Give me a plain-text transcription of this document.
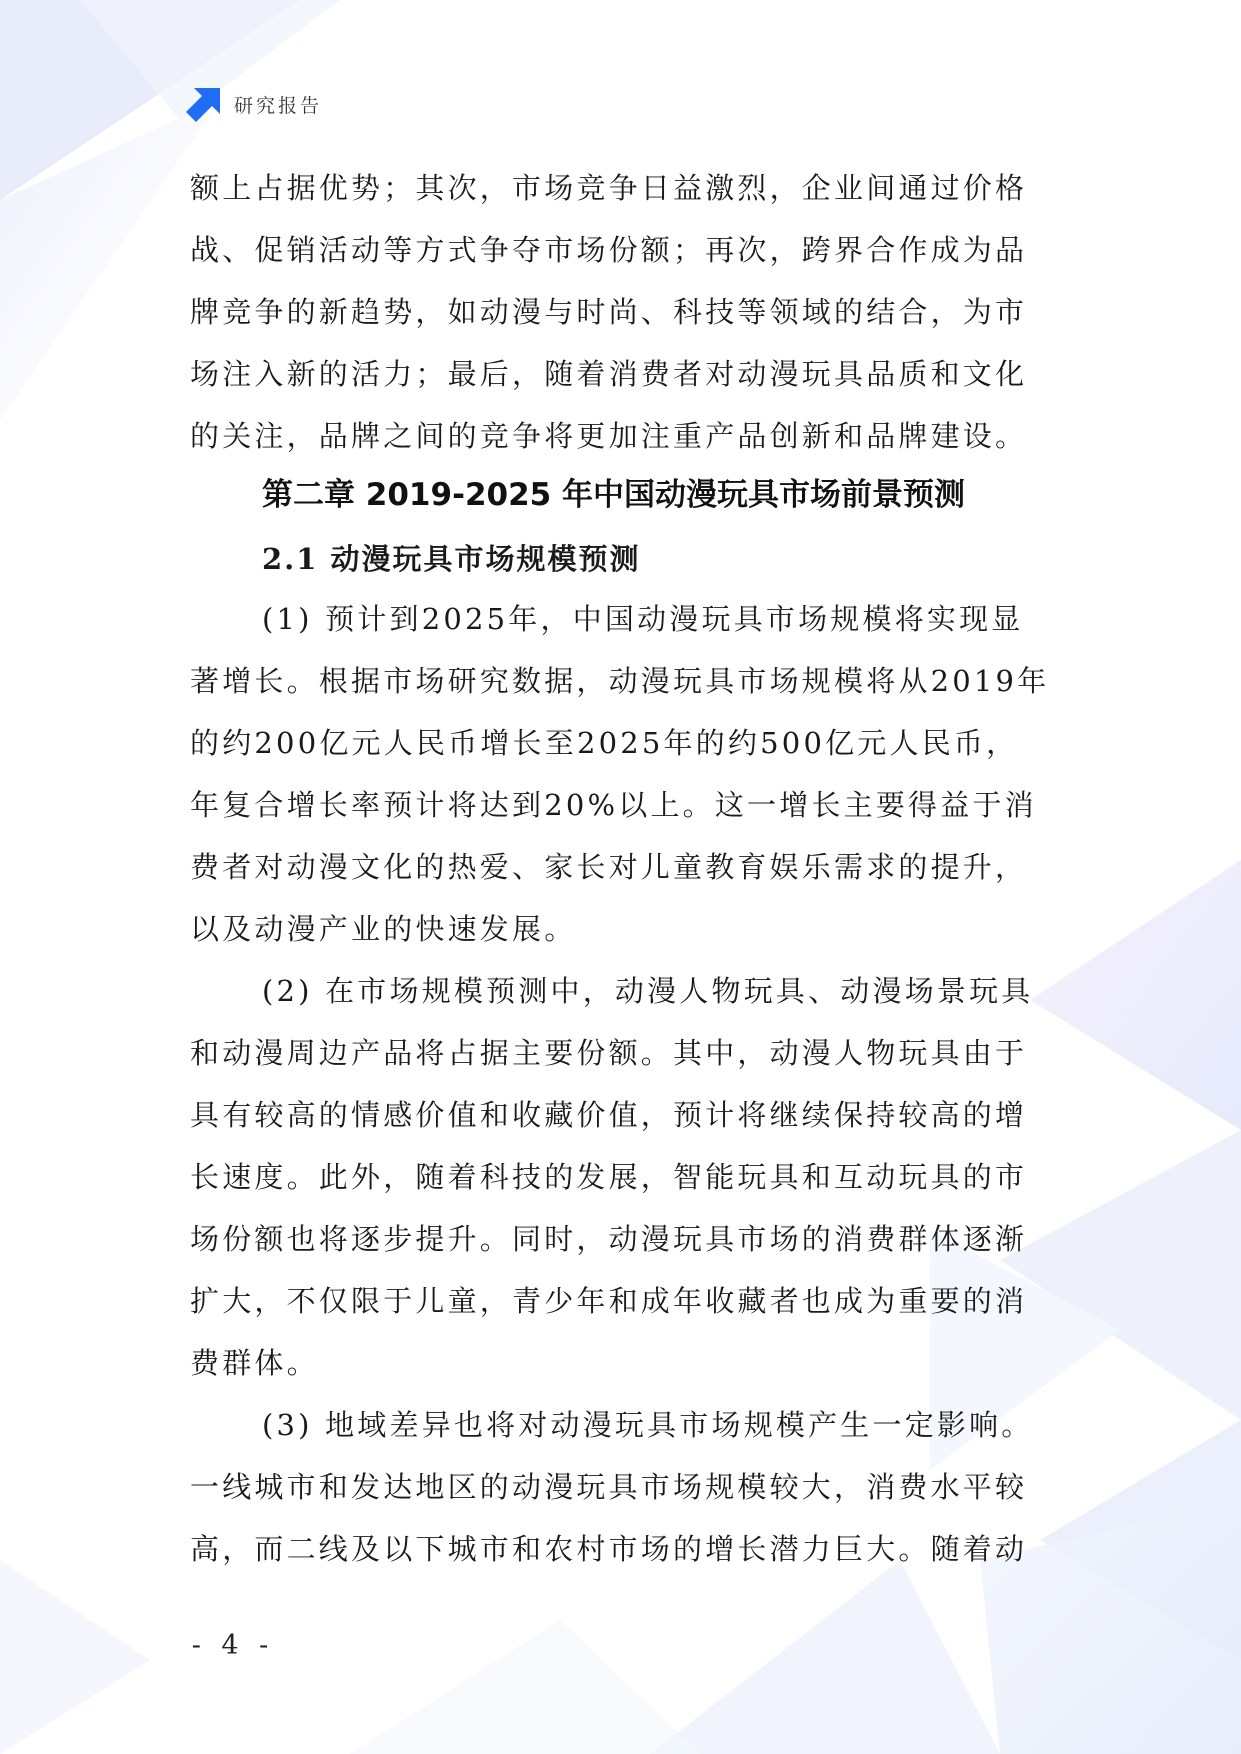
研究报告

额上占据优势；其次，市场竞争日益激烈，企业间通过价格战、促销活动等方式争夺市场份额；再次，跨界合作成为品牌竞争的新趋势，如动漫与时尚、科技等领域的结合，为市场注入新的活力；最后，随着消费者对动漫玩具品质和文化的关注，品牌之间的竞争将更加注重产品创新和品牌建设。

第二章 2019-2025 年中国动漫玩具市场前景预测
2.1 动漫玩具市场规模预测

(1) 预计到2025年，中国动漫玩具市场规模将实现显著增长。根据市场研究数据，动漫玩具市场规模将从2019年的约200亿元人民币增长至2025年的约500亿元人民币，年复合增长率预计将达到20%以上。这一增长主要得益于消费者对动漫文化的热爱、家长对儿童教育娱乐需求的提升，以及动漫产业的快速发展。

(2) 在市场规模预测中，动漫人物玩具、动漫场景玩具和动漫周边产品将占据主要份额。其中，动漫人物玩具由于具有较高的情感价值和收藏价值，预计将继续保持较高的增长速度。此外，随着科技的发展，智能玩具和互动玩具的市场份额也将逐步提升。同时，动漫玩具市场的消费群体逐渐扩大，不仅限于儿童，青少年和成年收藏者也成为重要的消费群体。

(3) 地域差异也将对动漫玩具市场规模产生一定影响。一线城市和发达地区的动漫玩具市场规模较大，消费水平较高，而二线及以下城市和农村市场的增长潜力巨大。随着动

- 4 -
